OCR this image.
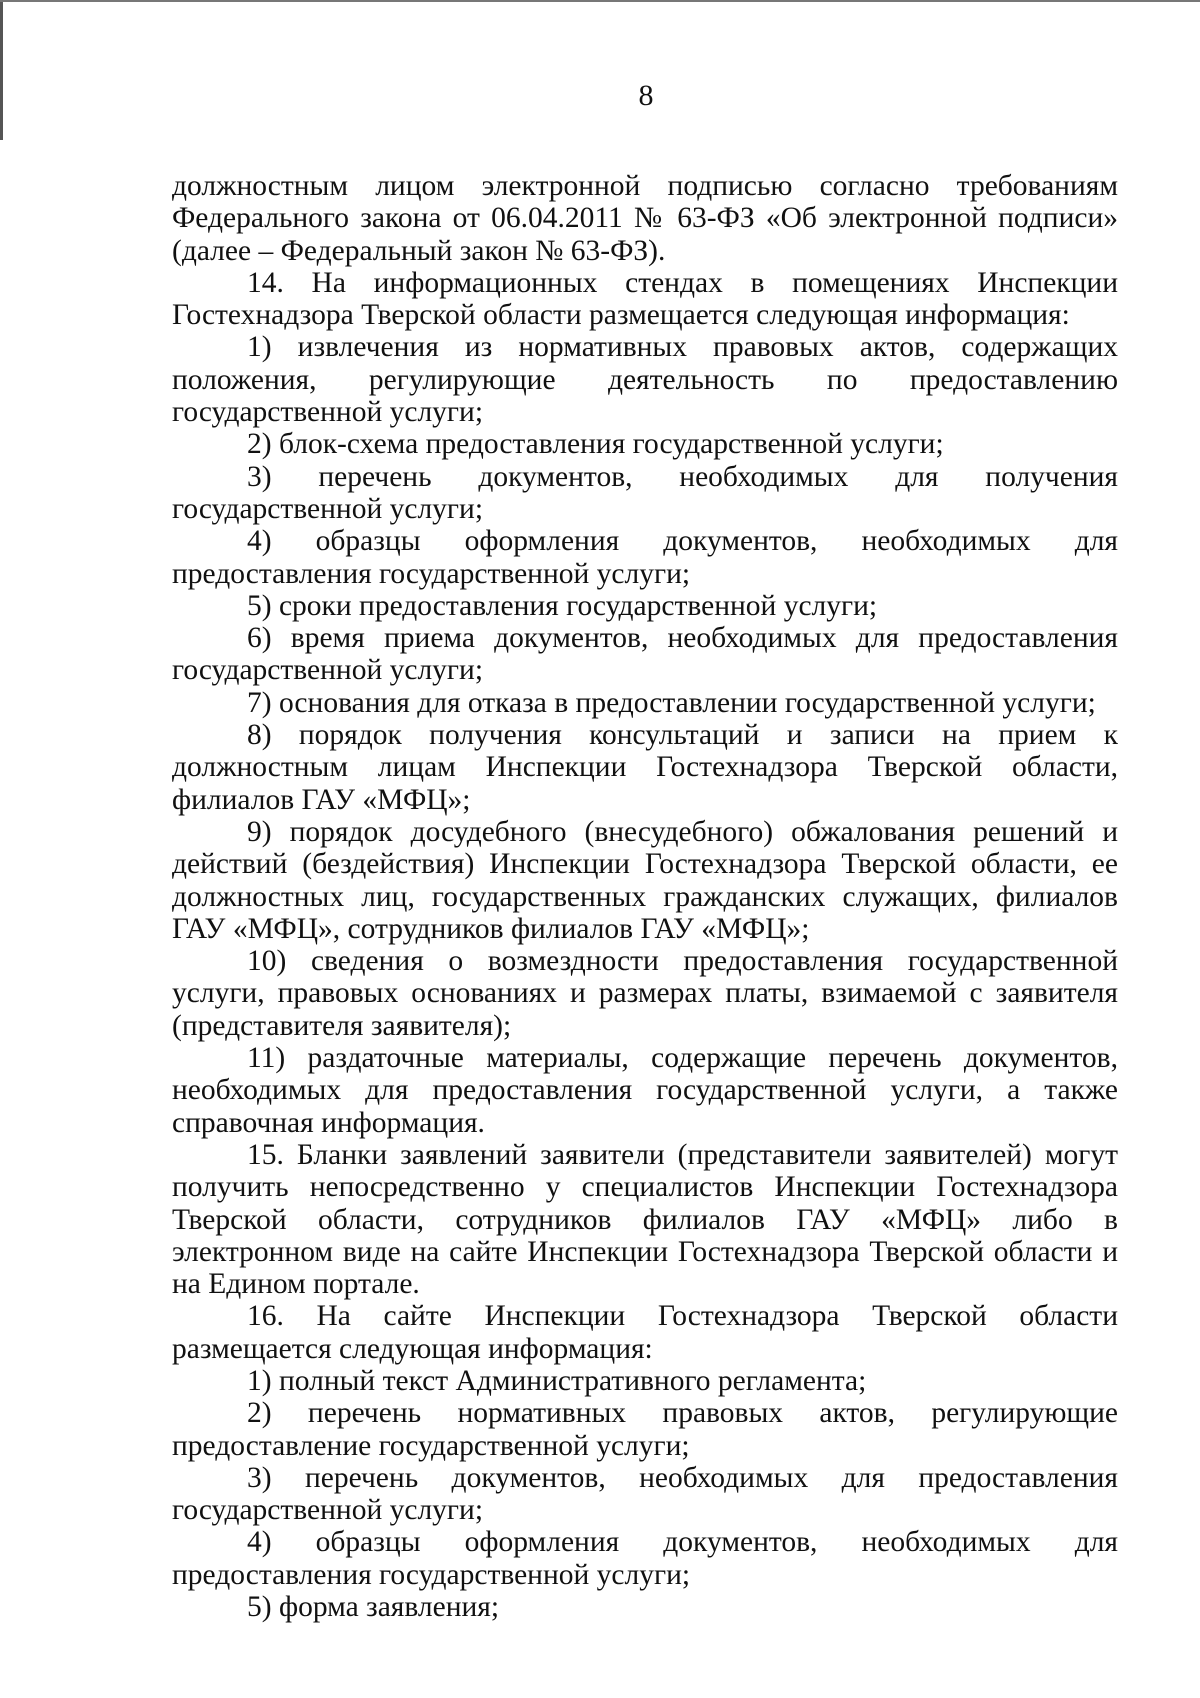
8

должностным лицом электронной подписью согласно требованиям Федерального закона от 06.04.2011 № 63-ФЗ «Об электронной подписи» (далее – Федеральный закон № 63-ФЗ).

14. На информационных стендах в помещениях Инспекции Гостехнадзора Тверской области размещается следующая информация:

1) извлечения из нормативных правовых актов, содержащих положения, регулирующие деятельность по предоставлению государственной услуги;

2) блок-схема предоставления государственной услуги;

3) перечень документов, необходимых для получения государственной услуги;

4) образцы оформления документов, необходимых для предоставления государственной услуги;

5) сроки предоставления государственной услуги;

6) время приема документов, необходимых для предоставления государственной услуги;

7) основания для отказа в предоставлении государственной услуги;

8) порядок получения консультаций и записи на прием к должностным лицам Инспекции Гостехнадзора Тверской области, филиалов ГАУ «МФЦ»;

9) порядок досудебного (внесудебного) обжалования решений и действий (бездействия) Инспекции Гостехнадзора Тверской области, ее должностных лиц, государственных гражданских служащих, филиалов ГАУ «МФЦ», сотрудников филиалов ГАУ «МФЦ»;

10) сведения о возмездности предоставления государственной услуги, правовых основаниях и размерах платы, взимаемой с заявителя (представителя заявителя);

11) раздаточные материалы, содержащие перечень документов, необходимых для предоставления государственной услуги, а также справочная информация.

15. Бланки заявлений заявители (представители заявителей) могут получить непосредственно у специалистов Инспекции Гостехнадзора Тверской области, сотрудников филиалов ГАУ «МФЦ» либо в электронном виде на сайте Инспекции Гостехнадзора Тверской области и на Едином портале.

16. На сайте Инспекции Гостехнадзора Тверской области размещается следующая информация:

1) полный текст Административного регламента;

2) перечень нормативных правовых актов, регулирующие предоставление государственной услуги;

3) перечень документов, необходимых для предоставления государственной услуги;

4) образцы оформления документов, необходимых для предоставления государственной услуги;

5) форма заявления;
